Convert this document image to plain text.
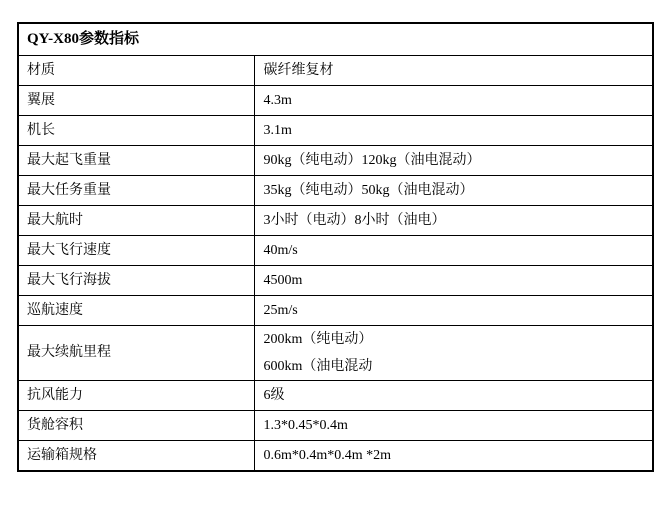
QY-X80参数指标	
材质	碳纤维复材
翼展	4.3m
机长	3.1m
最大起飞重量	90kg（纯电动）120kg（油电混动）
最大任务重量	35kg（纯电动）50kg（油电混动）
最大航时	3小时（电动）8小时（油电）
最大飞行速度	40m/s
最大飞行海拔	4500m
巡航速度	25m/s
最大续航里程	200km（纯电动）
600km（油电混动

抗风能力	6级
货舱容积	1.3*0.45*0.4m
运输箱规格	0.6m*0.4m*0.4m *2m
